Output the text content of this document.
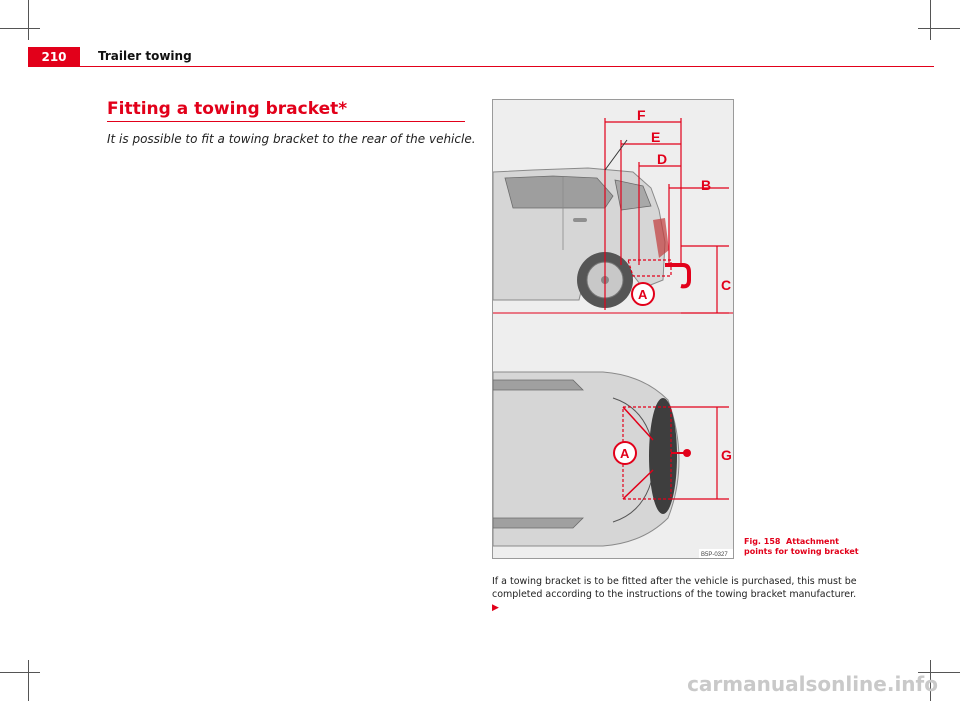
210	Trailer towing
Fitting a towing bracket*
It is possible to fit a towing bracket to the rear of the vehicle.
F
E
D
B
C
A
G
A
B5P-0327
Fig. 158 Attachment
points for towing bracket
If a towing bracket is to be fitted after the vehicle is purchased, this must be completed according to the instructions of the towing bracket manufacturer. ▶
carmanualsonline.info
